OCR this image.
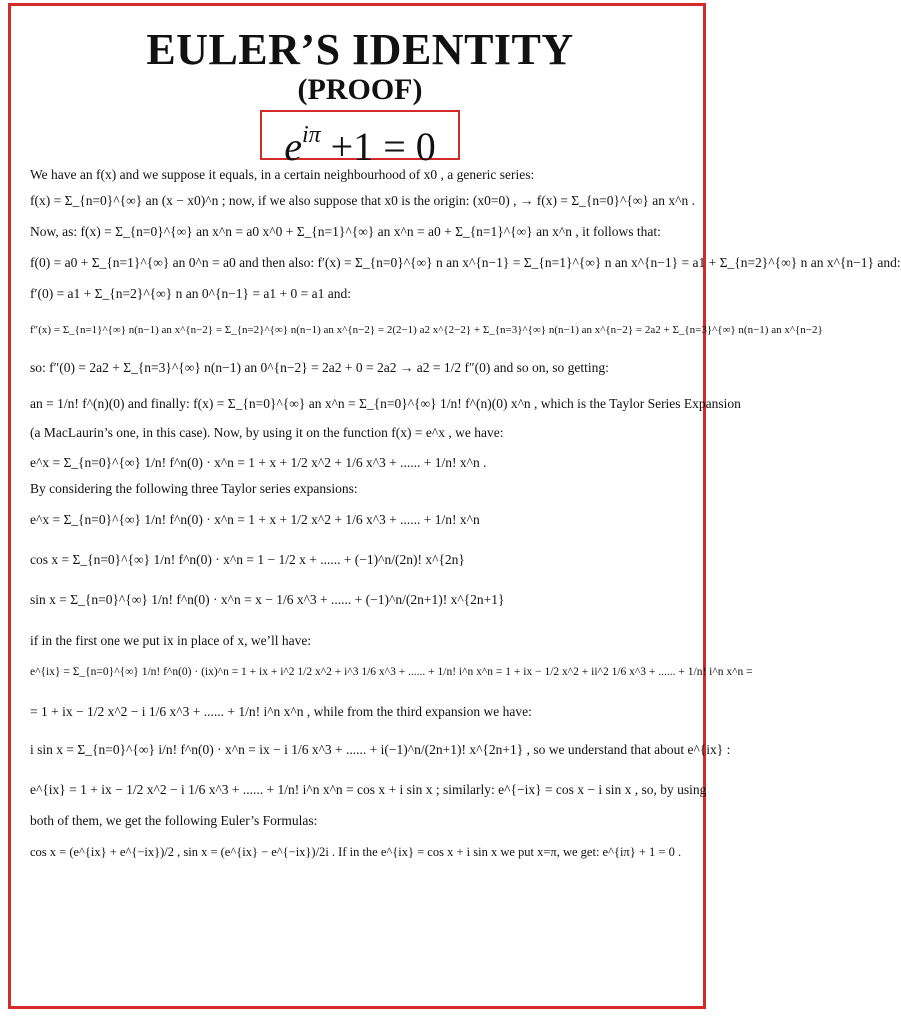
EULER’S IDENTITY
(PROOF)
$e^{i\pi} +1 = 0$
We have an f(x) and we suppose it equals, in a certain neighbourhood of x0 , a generic series:
f(x) = Σ_{n=0}^{∞} an (x − x0)^n ; now, if we also suppose that x0 is the origin: (x0=0) , → f(x) = Σ_{n=0}^{∞} an x^n .
Now, as: f(x) = Σ_{n=0}^{∞} an x^n = a0 x^0 + Σ_{n=1}^{∞} an x^n = a0 + Σ_{n=1}^{∞} an x^n , it follows that:
f(0) = a0 + Σ_{n=1}^{∞} an 0^n = a0 and then also: f′(x) = Σ_{n=0}^{∞} n an x^{n−1} = Σ_{n=1}^{∞} n an x^{n−1} = a1 + Σ_{n=2}^{∞} n an x^{n−1} and:
f′(0) = a1 + Σ_{n=2}^{∞} n an 0^{n−1} = a1 + 0 = a1 and:
f″(x) = Σ_{n=1}^{∞} n(n−1) an x^{n−2} = Σ_{n=2}^{∞} n(n−1) an x^{n−2} = 2(2−1) a2 x^{2−2} + Σ_{n=3}^{∞} n(n−1) an x^{n−2} = 2a2 + Σ_{n=3}^{∞} n(n−1) an x^{n−2}
so: f″(0) = 2a2 + Σ_{n=3}^{∞} n(n−1) an 0^{n−2} = 2a2 + 0 = 2a2 → a2 = 1/2 f″(0) and so on, so getting:
an = 1/n! f^(n)(0) and finally: f(x) = Σ_{n=0}^{∞} an x^n = Σ_{n=0}^{∞} 1/n! f^(n)(0) x^n , which is the Taylor Series Expansion
(a MacLaurin’s one, in this case). Now, by using it on the function f(x) = e^x , we have:
e^x = Σ_{n=0}^{∞} 1/n! f^n(0) · x^n = 1 + x + 1/2 x^2 + 1/6 x^3 + ...... + 1/n! x^n .
By considering the following three Taylor series expansions:
e^x = Σ_{n=0}^{∞} 1/n! f^n(0) · x^n = 1 + x + 1/2 x^2 + 1/6 x^3 + ...... + 1/n! x^n
cos x = Σ_{n=0}^{∞} 1/n! f^n(0) · x^n = 1 − 1/2 x + ...... + (−1)^n/(2n)! x^{2n}
sin x = Σ_{n=0}^{∞} 1/n! f^n(0) · x^n = x − 1/6 x^3 + ...... + (−1)^n/(2n+1)! x^{2n+1}
if in the first one we put ix in place of x, we’ll have:
e^{ix} = Σ_{n=0}^{∞} 1/n! f^n(0) · (ix)^n = 1 + ix + i^2 1/2 x^2 + i^3 1/6 x^3 + ...... + 1/n! i^n x^n = 1 + ix − 1/2 x^2 + ii^2 1/6 x^3 + ...... + 1/n! i^n x^n =
= 1 + ix − 1/2 x^2 − i 1/6 x^3 + ...... + 1/n! i^n x^n , while from the third expansion we have:
i sin x = Σ_{n=0}^{∞} i/n! f^n(0) · x^n = ix − i 1/6 x^3 + ...... + i(−1)^n/(2n+1)! x^{2n+1} , so we understand that about e^{ix} :
e^{ix} = 1 + ix − 1/2 x^2 − i 1/6 x^3 + ...... + 1/n! i^n x^n = cos x + i sin x ; similarly: e^{−ix} = cos x − i sin x , so, by using
both of them, we get the following Euler’s Formulas:
cos x = (e^{ix} + e^{−ix})/2 , sin x = (e^{ix} − e^{−ix})/2i . If in the e^{ix} = cos x + i sin x we put x=π, we get: e^{iπ} + 1 = 0 .
